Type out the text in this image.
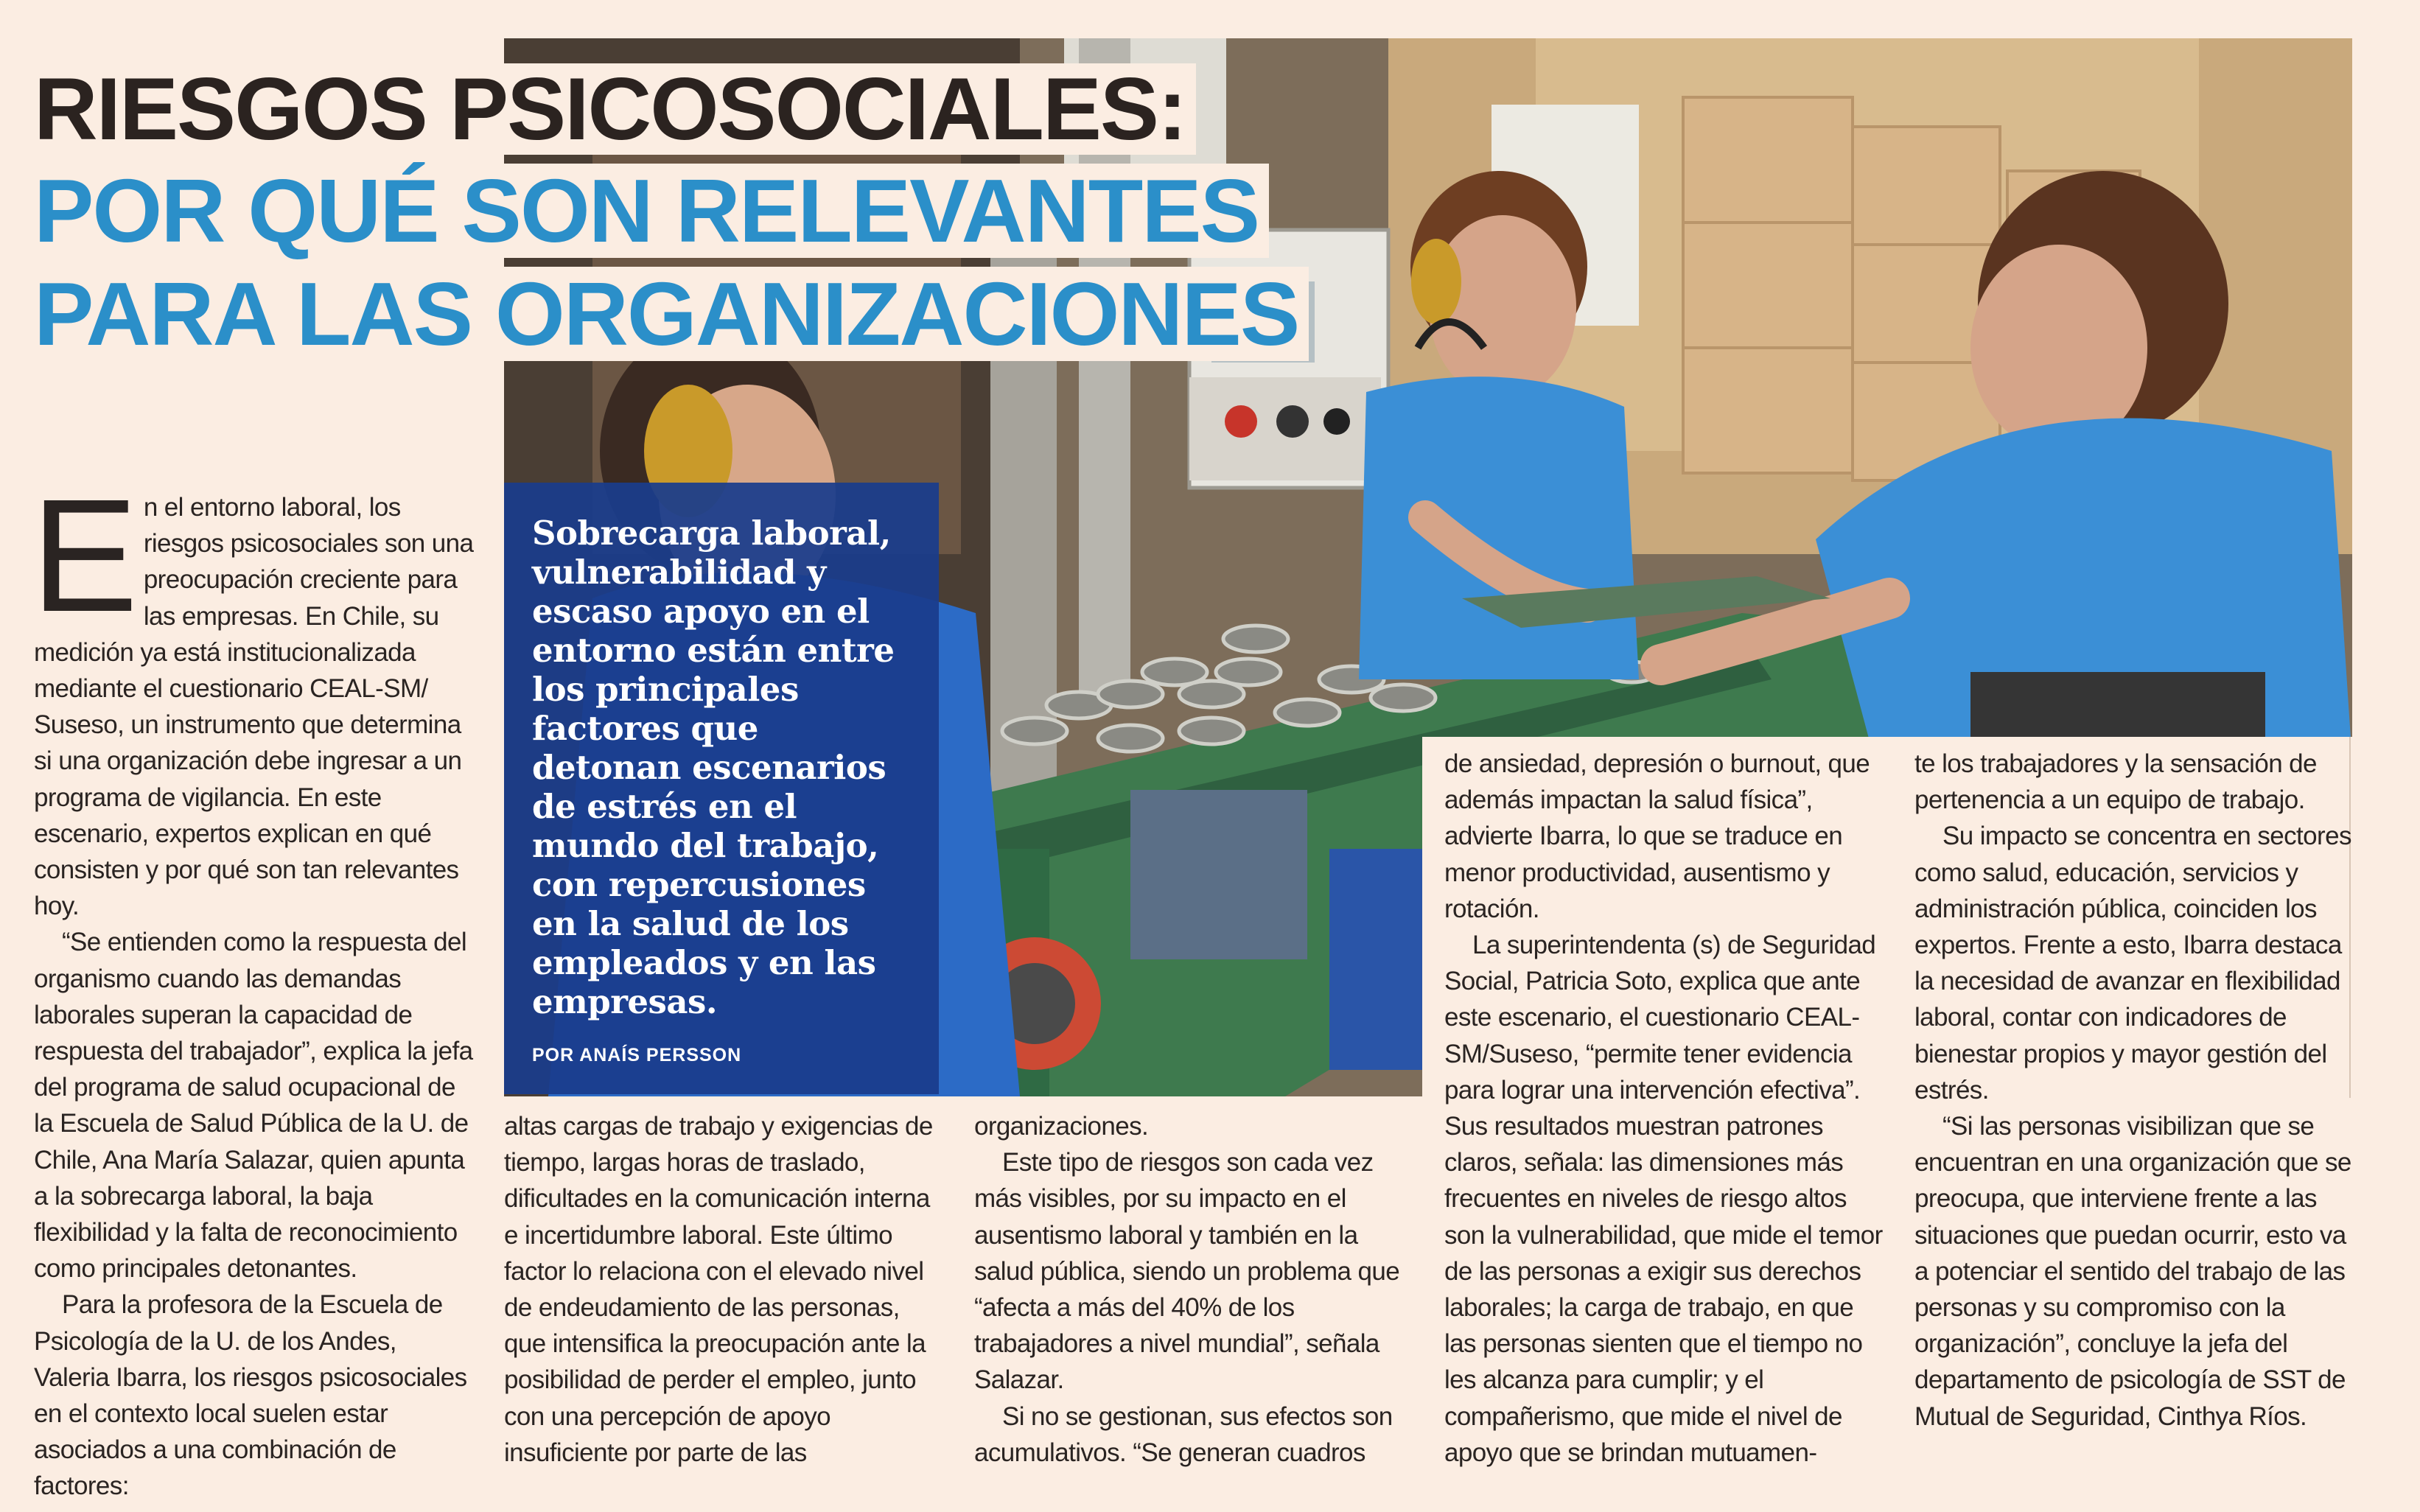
RIESGOS PSICOSOCIALES:
POR QUÉ SON RELEVANTES
PARA LAS ORGANIZACIONES
Sobrecarga laboral, vulnerabilidad y escaso apoyo en el entorno están entre los principales factores que detonan escenarios de estrés en el mundo del trabajo, con repercusiones en la salud de los empleados y en las empresas.
POR ANAÍS PERSSON

En el entorno laboral, los riesgos psicosociales son una preocupación creciente para las empresas. En Chile, su medición ya está institucionalizada mediante el cuestionario CEAL-SM/ Suseso, un instrumento que determina si una organización debe ingresar a un programa de vigilancia. En este escenario, expertos explican en qué consisten y por qué son tan relevantes hoy.

“Se entienden como la respuesta del organismo cuando las demandas laborales superan la capacidad de respuesta del trabajador”, explica la jefa del programa de salud ocupacional de la Escuela de Salud Pública de la U. de Chile, Ana María Salazar, quien apunta a la sobrecarga laboral, la baja flexibilidad y la falta de reconocimiento como principales detonantes.

Para la profesora de la Escuela de Psicología de la U. de los Andes, Valeria Ibarra, los riesgos psicosociales en el contexto local suelen estar asociados a una combinación de factores:

altas cargas de trabajo y exigencias de tiempo, largas horas de traslado, dificultades en la comunicación interna e incertidumbre laboral. Este último factor lo relaciona con el elevado nivel de endeudamiento de las personas, que intensifica la preocupación ante la posibilidad de perder el empleo, junto con una percepción de apoyo insuficiente por parte de las

organizaciones.

Este tipo de riesgos son cada vez más visibles, por su impacto en el ausentismo laboral y también en la salud pública, siendo un problema que “afecta a más del 40% de los trabajadores a nivel mundial”, señala Salazar.

Si no se gestionan, sus efectos son acumulativos. “Se generan cuadros

de ansiedad, depresión o burnout, que además impactan la salud física”, advierte Ibarra, lo que se traduce en menor productividad, ausentismo y rotación.

La superintendenta (s) de Seguridad Social, Patricia Soto, explica que ante este escenario, el cuestionario CEAL-SM/Suseso, “permite tener evidencia para lograr una intervención efectiva”. Sus resultados muestran patrones claros, señala: las dimensiones más frecuentes en niveles de riesgo altos son la vulnerabilidad, que mide el temor de las personas a exigir sus derechos laborales; la carga de trabajo, en que las personas sienten que el tiempo no les alcanza para cumplir; y el compañerismo, que mide el nivel de apoyo que se brindan mutuamen-

te los trabajadores y la sensación de pertenencia a un equipo de trabajo.

Su impacto se concentra en sectores como salud, educación, servicios y administración pública, coinciden los expertos. Frente a esto, Ibarra destaca la necesidad de avanzar en flexibilidad laboral, contar con indicadores de bienestar propios y mayor gestión del estrés.

“Si las personas visibilizan que se encuentran en una organización que se preocupa, que interviene frente a las situaciones que puedan ocurrir, esto va a potenciar el sentido del trabajo de las personas y su compromiso con la organización”, concluye la jefa del departamento de psicología de SST de Mutual de Seguridad, Cinthya Ríos.
